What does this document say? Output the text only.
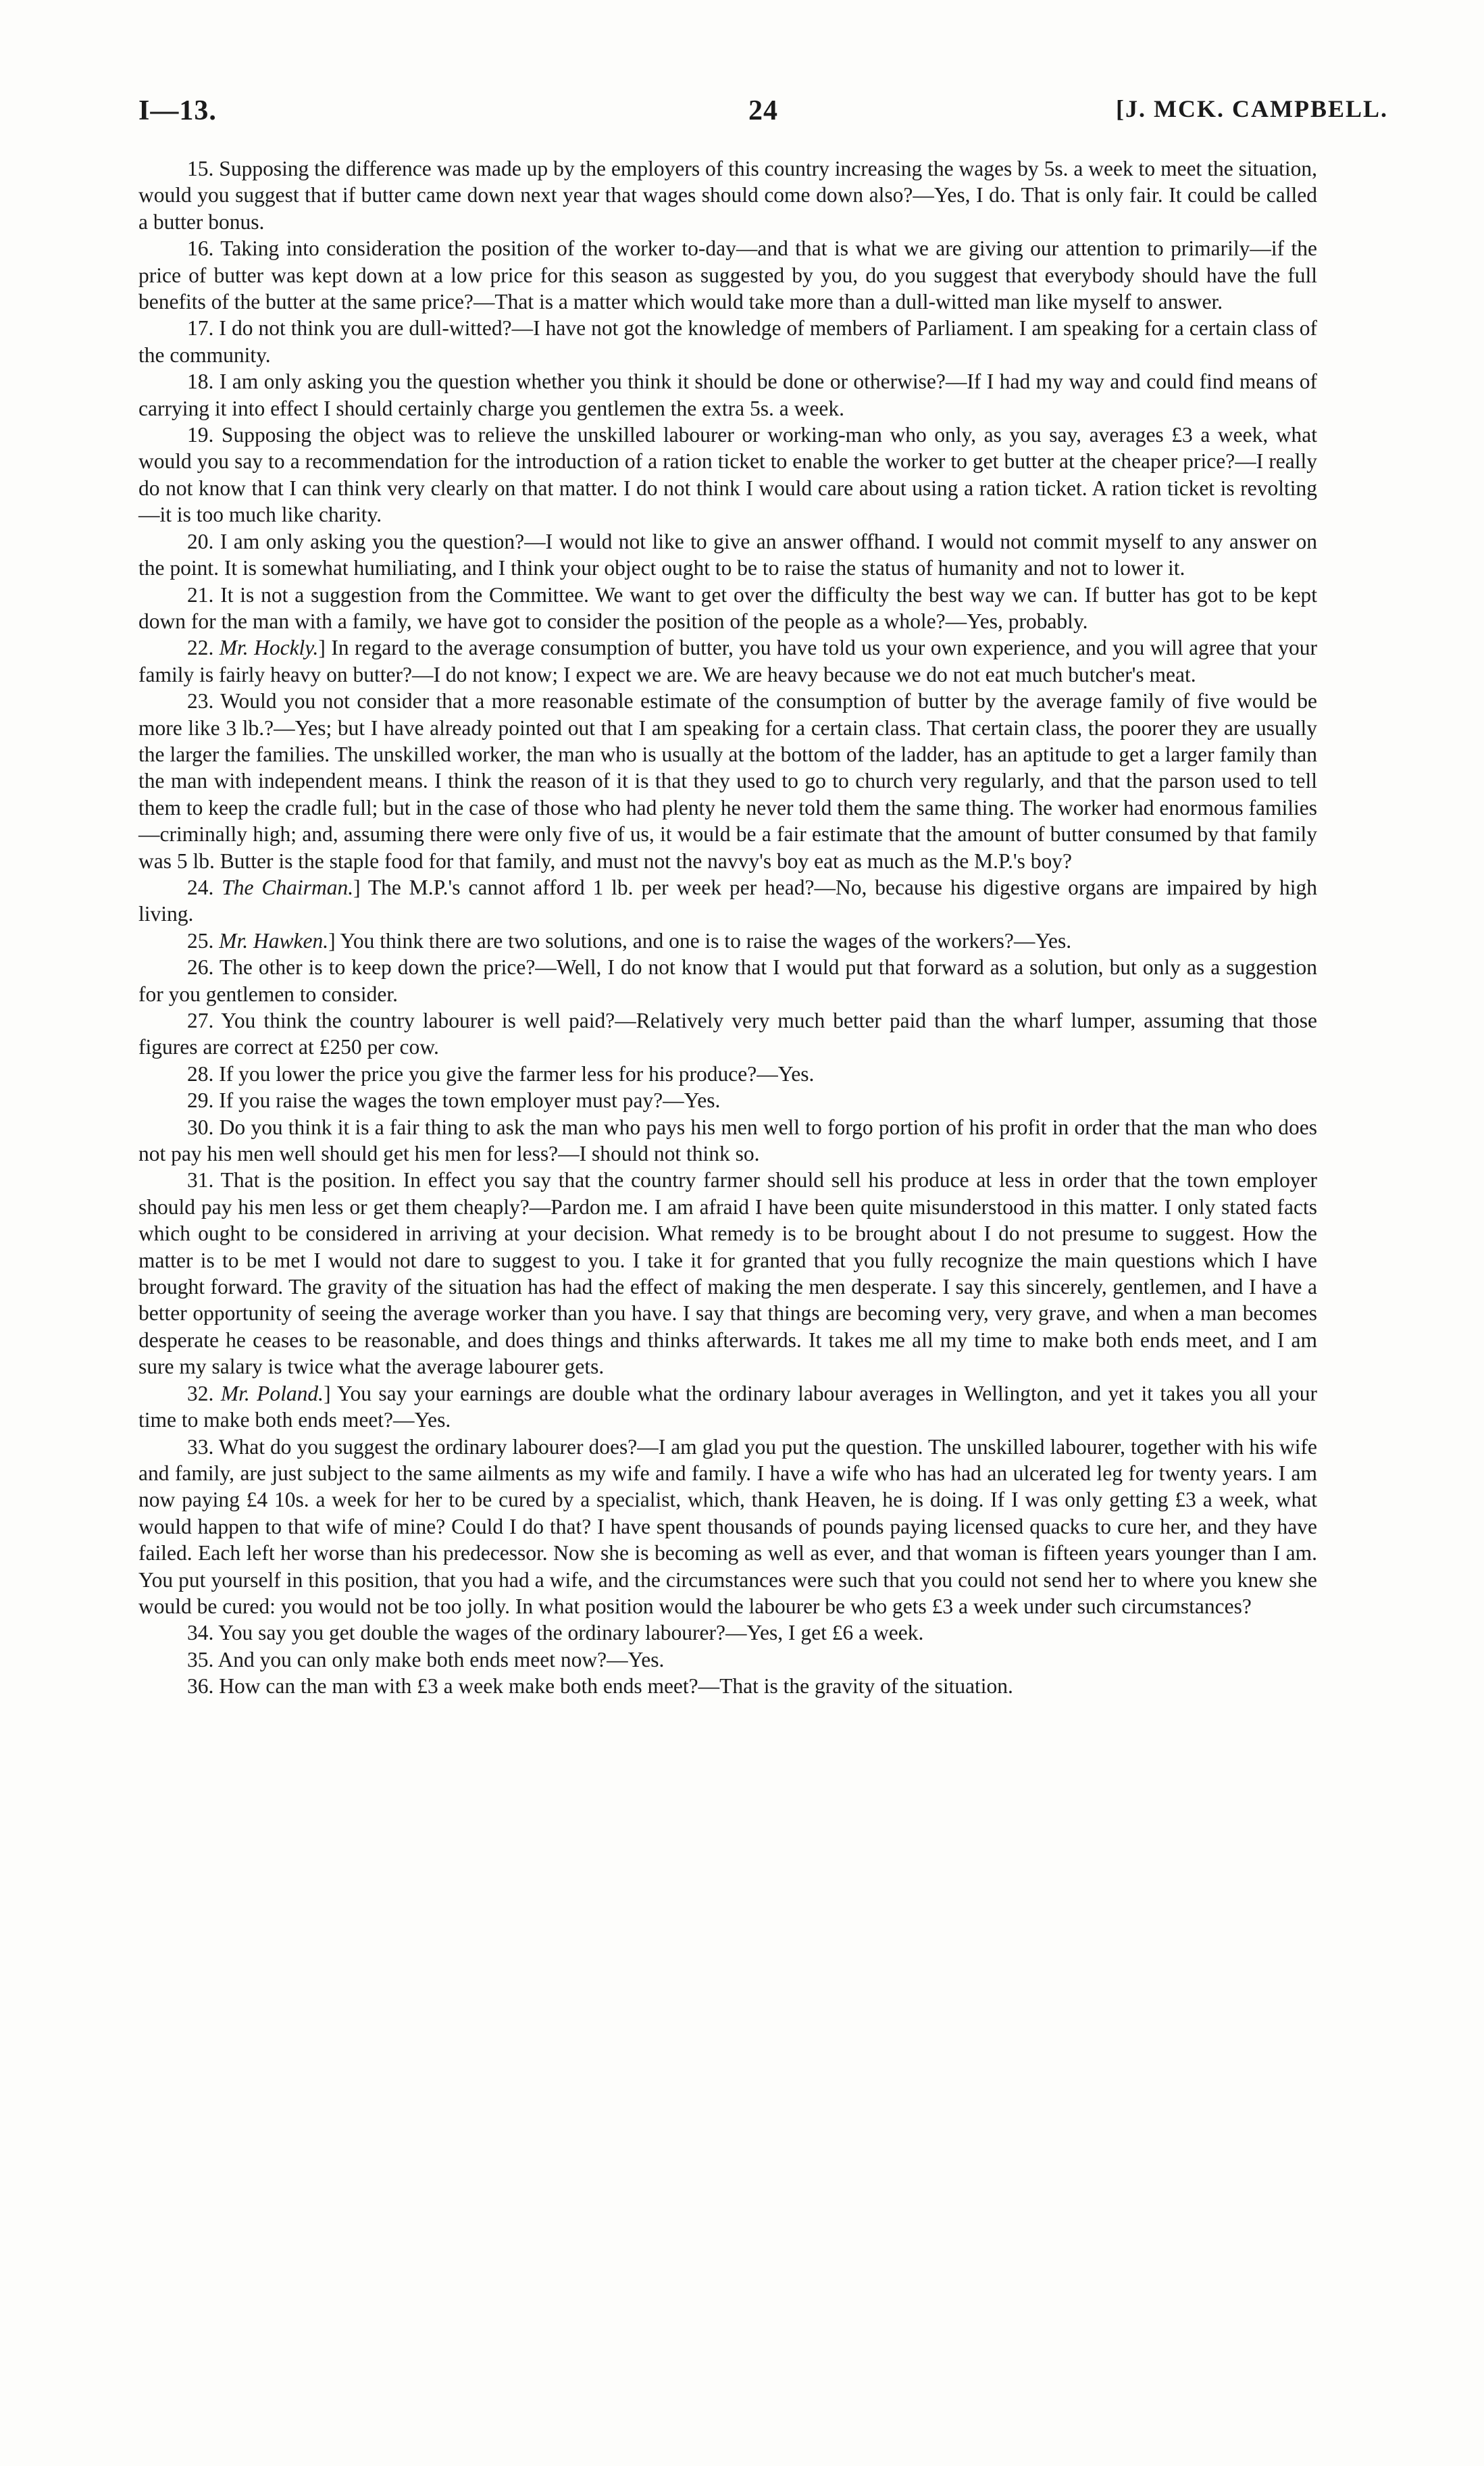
I—13.	24	[J. MCK. CAMPBELL.

15. Supposing the difference was made up by the employers of this country increasing the wages by 5s. a week to meet the situation, would you suggest that if butter came down next year that wages should come down also?—Yes, I do. That is only fair. It could be called a butter bonus.

16. Taking into consideration the position of the worker to-day—and that is what we are giving our attention to primarily—if the price of butter was kept down at a low price for this season as suggested by you, do you suggest that everybody should have the full benefits of the butter at the same price?—That is a matter which would take more than a dull-witted man like myself to answer.

17. I do not think you are dull-witted?—I have not got the knowledge of members of Parliament. I am speaking for a certain class of the community.

18. I am only asking you the question whether you think it should be done or otherwise?—If I had my way and could find means of carrying it into effect I should certainly charge you gentlemen the extra 5s. a week.

19. Supposing the object was to relieve the unskilled labourer or working-man who only, as you say, averages £3 a week, what would you say to a recommendation for the introduction of a ration ticket to enable the worker to get butter at the cheaper price?—I really do not know that I can think very clearly on that matter. I do not think I would care about using a ration ticket. A ration ticket is revolting—it is too much like charity.

20. I am only asking you the question?—I would not like to give an answer offhand. I would not commit myself to any answer on the point. It is somewhat humiliating, and I think your object ought to be to raise the status of humanity and not to lower it.

21. It is not a suggestion from the Committee. We want to get over the difficulty the best way we can. If butter has got to be kept down for the man with a family, we have got to consider the position of the people as a whole?—Yes, probably.

22. Mr. Hockly.] In regard to the average consumption of butter, you have told us your own experience, and you will agree that your family is fairly heavy on butter?—I do not know; I expect we are. We are heavy because we do not eat much butcher's meat.

23. Would you not consider that a more reasonable estimate of the consumption of butter by the average family of five would be more like 3 lb.?—Yes; but I have already pointed out that I am speaking for a certain class. That certain class, the poorer they are usually the larger the families. The unskilled worker, the man who is usually at the bottom of the ladder, has an aptitude to get a larger family than the man with independent means. I think the reason of it is that they used to go to church very regularly, and that the parson used to tell them to keep the cradle full; but in the case of those who had plenty he never told them the same thing. The worker had enormous families—criminally high; and, assuming there were only five of us, it would be a fair estimate that the amount of butter consumed by that family was 5 lb. Butter is the staple food for that family, and must not the navvy's boy eat as much as the M.P.'s boy?

24. The Chairman.] The M.P.'s cannot afford 1 lb. per week per head?—No, because his digestive organs are impaired by high living.

25. Mr. Hawken.] You think there are two solutions, and one is to raise the wages of the workers?—Yes.

26. The other is to keep down the price?—Well, I do not know that I would put that forward as a solution, but only as a suggestion for you gentlemen to consider.

27. You think the country labourer is well paid?—Relatively very much better paid than the wharf lumper, assuming that those figures are correct at £250 per cow.

28. If you lower the price you give the farmer less for his produce?—Yes.

29. If you raise the wages the town employer must pay?—Yes.

30. Do you think it is a fair thing to ask the man who pays his men well to forgo portion of his profit in order that the man who does not pay his men well should get his men for less?—I should not think so.

31. That is the position. In effect you say that the country farmer should sell his produce at less in order that the town employer should pay his men less or get them cheaply?—Pardon me. I am afraid I have been quite misunderstood in this matter. I only stated facts which ought to be considered in arriving at your decision. What remedy is to be brought about I do not presume to suggest. How the matter is to be met I would not dare to suggest to you. I take it for granted that you fully recognize the main questions which I have brought forward. The gravity of the situation has had the effect of making the men desperate. I say this sincerely, gentlemen, and I have a better opportunity of seeing the average worker than you have. I say that things are becoming very, very grave, and when a man becomes desperate he ceases to be reasonable, and does things and thinks afterwards. It takes me all my time to make both ends meet, and I am sure my salary is twice what the average labourer gets.

32. Mr. Poland.] You say your earnings are double what the ordinary labour averages in Wellington, and yet it takes you all your time to make both ends meet?—Yes.

33. What do you suggest the ordinary labourer does?—I am glad you put the question. The unskilled labourer, together with his wife and family, are just subject to the same ailments as my wife and family. I have a wife who has had an ulcerated leg for twenty years. I am now paying £4 10s. a week for her to be cured by a specialist, which, thank Heaven, he is doing. If I was only getting £3 a week, what would happen to that wife of mine? Could I do that? I have spent thousands of pounds paying licensed quacks to cure her, and they have failed. Each left her worse than his predecessor. Now she is becoming as well as ever, and that woman is fifteen years younger than I am. You put yourself in this position, that you had a wife, and the circumstances were such that you could not send her to where you knew she would be cured: you would not be too jolly. In what position would the labourer be who gets £3 a week under such circumstances?

34. You say you get double the wages of the ordinary labourer?—Yes, I get £6 a week.

35. And you can only make both ends meet now?—Yes.

36. How can the man with £3 a week make both ends meet?—That is the gravity of the situation.
